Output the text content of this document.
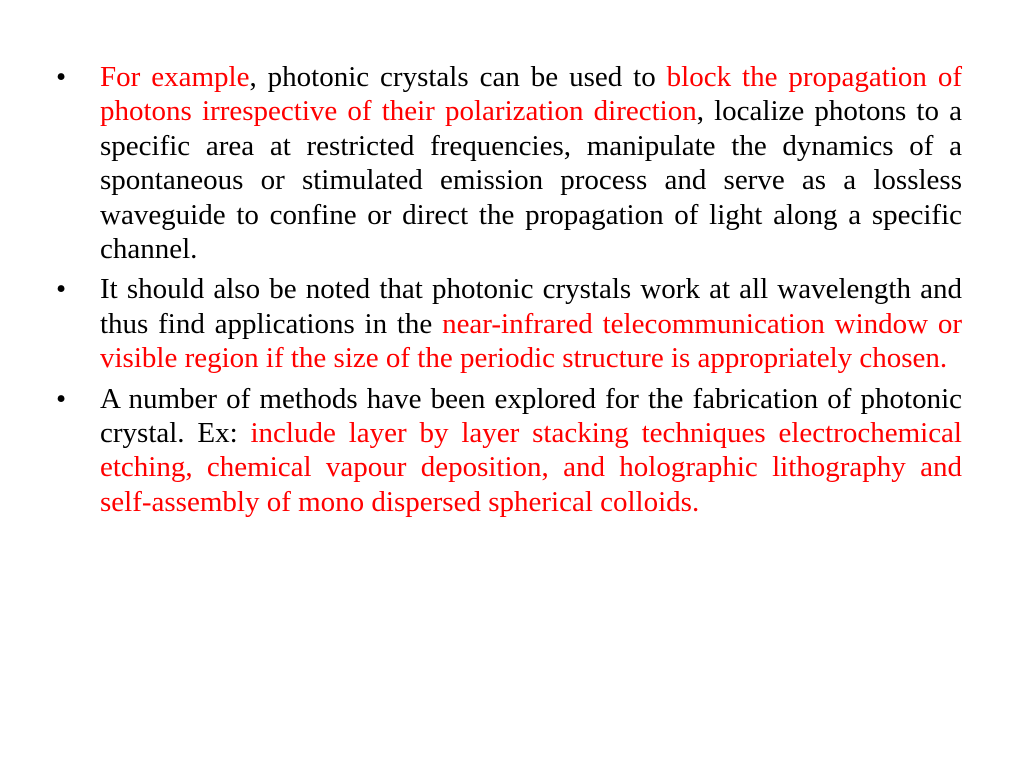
•	For example, photonic crystals can be used to block the propagation of photons irrespective of their polarization direction, localize photons to a specific area at restricted frequencies, manipulate the dynamics of a spontaneous or stimulated emission process and serve as a lossless waveguide to confine or direct the propagation of light along a specific channel.
•	It should also be noted that photonic crystals work at all wavelength and thus find applications in the near-infrared telecommunication window or visible region if the size of the periodic structure is appropriately chosen.
•	A number of methods have been explored for the fabrication of photonic crystal. Ex: include layer by layer stacking techniques electrochemical etching, chemical vapour deposition, and holographic lithography and self-assembly of mono dispersed spherical colloids.
